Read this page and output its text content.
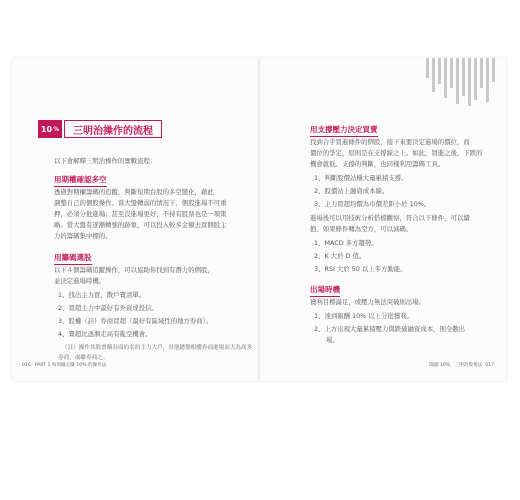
10 %	三明治操作的流程
以下會解釋三明治操作的實戰流程：
用期權確認多空
透過對期權籌碼的追蹤，判斷短期台股的多空變化，藉此
調整自己的個股操作。當大盤轉弱的情況下，個股進場不可重
押，必須分批進場；甚至沒進場更好，不持有股票也是一項策
略。當大盤有逐漸轉強的跡象，可以投入較多金額去買個股主
力的籌碼集中標的。
用籌碼選股
以下４個籌碼追蹤操作，可以協助你找到有潛力的個股，
並決定進場時機。
1、找出主力買，散戶賣清單。
2、買超主力中最好有外資或投信。
3、股權（註）券商買超（最好有區域性的地方券商）。
4、賣超比逐漸走高有亂空機會。
（註）操作其股票稱券商的名的主力大戶，其他總盤相體券商進場而大為高多
券商，或雖券商之。
016 PART 1 每周賺定賺 10% 的操作法
用支撐壓力決定買賣
找到合乎買進條件的個股，接下來要決定進場的價位，而
價位的爭定，原則是在支撐線之上。如此，買進之後，下跌的
機會就低。支撐的判斷，也同樣利用籌碼工具。
1、判斷股價站穩大量累積支撐。
2、股價站上融資成本線。
3、主力買超均價為市價差距小於 10%。
進場後可以用技術分析搭檔觀察，符合以下條件，可以續
抱。如果條件轉為空方，可以減碼。
1、MACD 多方趨勢。
2、K 大於 D 值。
3、RSI 大於 50 以上多方動能。
出場時機
獲利目標滿足，或壓力無法突破則出場。
1、達到報酬 10% 以上分批獲利。
2、上方出現大量累積壓力與跌破融資成本，則全數出
場。
閱讀 10%，三明治股要法 017
